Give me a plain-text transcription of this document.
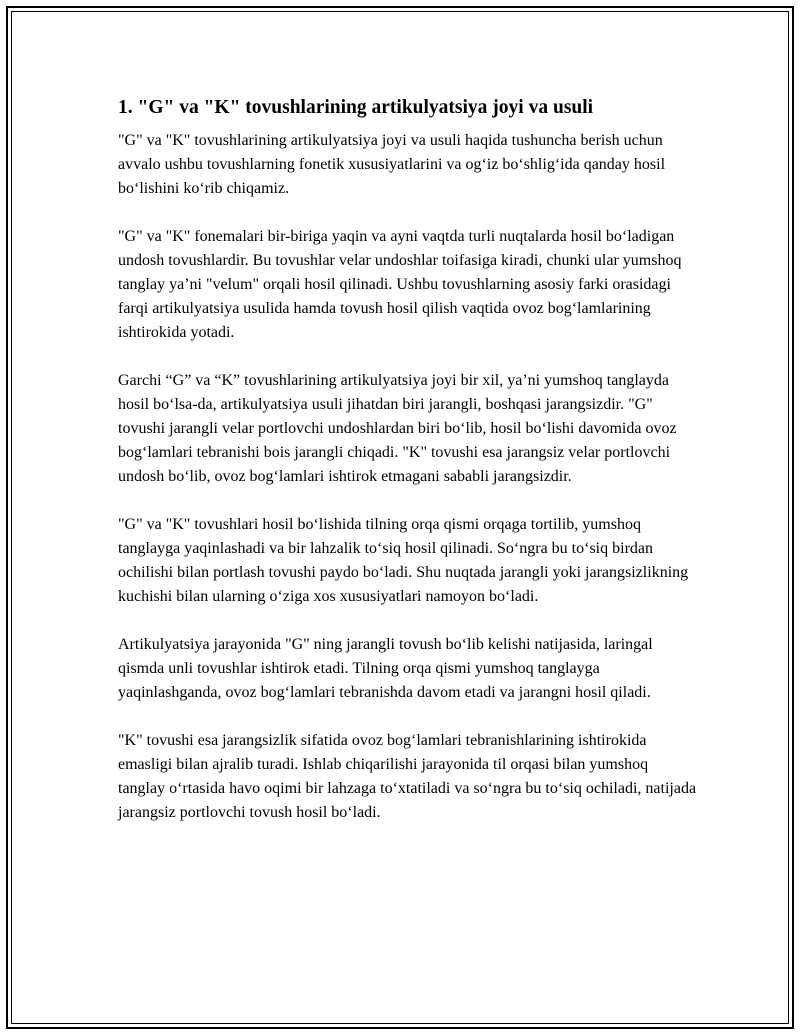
1. "G" va "K" tovushlarining artikulyatsiya joyi va usuli

"G" va "K" tovushlarining artikulyatsiya joyi va usuli haqida tushuncha berish uchun avvalo ushbu tovushlarning fonetik xususiyatlarini va og‘iz bo‘shlig‘ida qanday hosil bo‘lishini ko‘rib chiqamiz.

"G" va "K" fonemalari bir-biriga yaqin va ayni vaqtda turli nuqtalarda hosil bo‘ladigan undosh tovushlardir. Bu tovushlar velar undoshlar toifasiga kiradi, chunki ular yumshoq tanglay ya’ni "velum" orqali hosil qilinadi. Ushbu tovushlarning asosiy farki orasidagi farqi artikulyatsiya usulida hamda tovush hosil qilish vaqtida ovoz bog‘lamlarining ishtirokida yotadi.

Garchi “G” va “K” tovushlarining artikulyatsiya joyi bir xil, ya’ni yumshoq tanglayda hosil bo‘lsa-da, artikulyatsiya usuli jihatdan biri jarangli, boshqasi jarangsizdir. "G" tovushi jarangli velar portlovchi undoshlardan biri bo‘lib, hosil bo‘lishi davomida ovoz bog‘lamlari tebranishi bois jarangli chiqadi. "K" tovushi esa jarangsiz velar portlovchi undosh bo‘lib, ovoz bog‘lamlari ishtirok etmagani sababli jarangsizdir.

"G" va "K" tovushlari hosil bo‘lishida tilning orqa qismi orqaga tortilib, yumshoq tanglayga yaqinlashadi va bir lahzalik to‘siq hosil qilinadi. So‘ngra bu to‘siq birdan ochilishi bilan portlash tovushi paydo bo‘ladi. Shu nuqtada jarangli yoki jarangsizlikning kuchishi bilan ularning o‘ziga xos xususiyatlari namoyon bo‘ladi.

Artikulyatsiya jarayonida "G" ning jarangli tovush bo‘lib kelishi natijasida, laringal qismda unli tovushlar ishtirok etadi. Tilning orqa qismi yumshoq tanglayga yaqinlashganda, ovoz bog‘lamlari tebranishda davom etadi va jarangni hosil qiladi.

"K" tovushi esa jarangsizlik sifatida ovoz bog‘lamlari tebranishlarining ishtirokida emasligi bilan ajralib turadi. Ishlab chiqarilishi jarayonida til orqasi bilan yumshoq tanglay o‘rtasida havo oqimi bir lahzaga to‘xtatiladi va so‘ngra bu to‘siq ochiladi, natijada jarangsiz portlovchi tovush hosil bo‘ladi.
